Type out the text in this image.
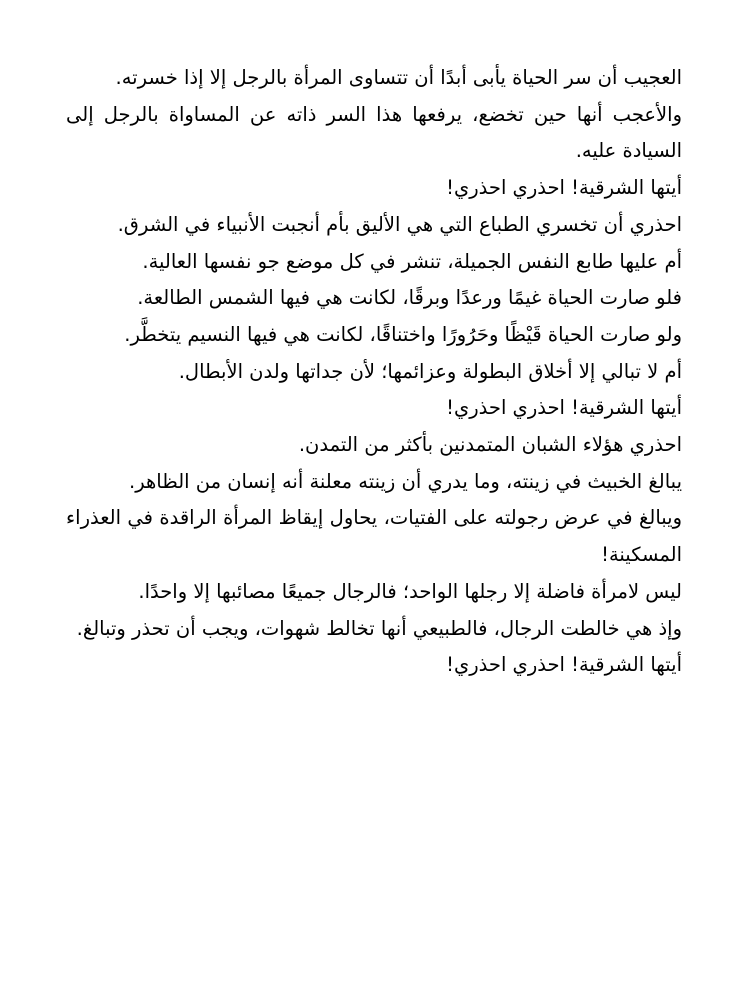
العجيب أن سر الحياة يأبى أبدًا أن تتساوى المرأة بالرجل إلا إذا خسرته.

والأعجب أنها حين تخضع، يرفعها هذا السر ذاته عن المساواة بالرجل إلى السيادة عليه.

أيتها الشرقية! احذري احذري!

احذري أن تخسري الطباع التي هي الأليق بأم أنجبت الأنبياء في الشرق.

أم عليها طابع النفس الجميلة، تنشر في كل موضع جو نفسها العالية.

فلو صارت الحياة غيمًا ورعدًا وبرقًا، لكانت هي فيها الشمس الطالعة.

ولو صارت الحياة قَيْظًا وحَرُورًا واختناقًا، لكانت هي فيها النسيم يتخطَّر.

أم لا تبالي إلا أخلاق البطولة وعزائمها؛ لأن جداتها ولدن الأبطال.

أيتها الشرقية! احذري احذري!

احذري هؤلاء الشبان المتمدنين بأكثر من التمدن.

يبالغ الخبيث في زينته، وما يدري أن زينته معلنة أنه إنسان من الظاهر.

ويبالغ في عرض رجولته على الفتيات، يحاول إيقاظ المرأة الراقدة في العذراء المسكينة!

ليس لامرأة فاضلة إلا رجلها الواحد؛ فالرجال جميعًا مصائبها إلا واحدًا.

وإذ هي خالطت الرجال، فالطبيعي أنها تخالط شهوات، ويجب أن تحذر وتبالغ.

أيتها الشرقية! احذري احذري!
